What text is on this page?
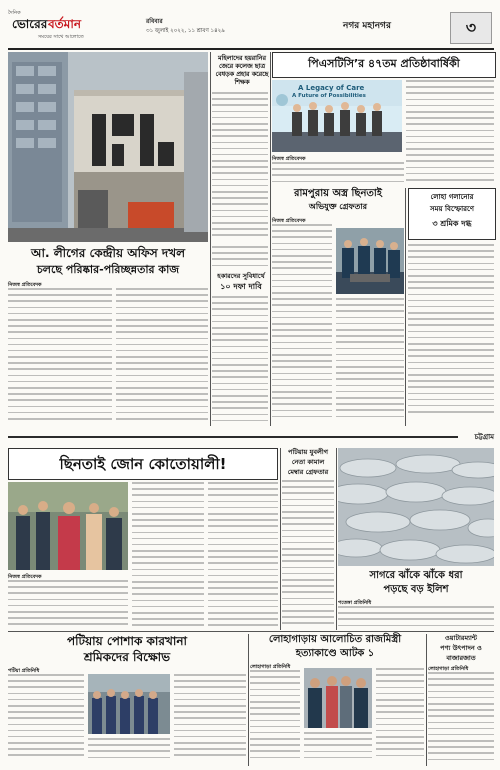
দৈনিক
ভোরের বর্তমান
সময়ের সাথে আলোতে
রবিবার
৩১ জুলাই ২০২২, ১১ শ্রাবণ ১৪২৯	নগর মহানগর	৩
মহিলাদের হয়রানির জেরে কলেজ ছাত্র বেধড়ক প্রহার করেছে শিক্ষক
পিএসটিসি’র ৪৭তম প্রতিষ্ঠাবার্ষিকী
A Legacy of Care
A Future of Possibilities
নিজস্ব প্রতিবেদক
রামপুরায় অস্ত্র ছিনতাই
অভিযুক্ত গ্রেফতার
নিজস্ব প্রতিবেদক
লোহা গলানোর
সময় বিস্ফোরণে
৩ শ্রমিক দগ্ধ
আ. লীগের কেন্দ্রীয় অফিস দখল
চলছে পরিষ্কার-পরিচ্ছন্নতার কাজ
নিজস্ব প্রতিবেদক
হকারদের সুবিধার্থে
১০ দফা দাবি
চট্টগ্রাম
ছিনতাই জোন কোতোয়ালী!
নিজস্ব প্রতিবেদক
পটিয়ায় যুবলীগ
নেতা কামাল
মেম্বার গ্রেফতার
সাগরে ঝাঁকে ঝাঁকে ধরা
পড়ছে বড় ইলিশ
পতেঙ্গা প্রতিনিধি
লোহাগাড়ায় আলোচিত রাজমিস্ত্রী
হত্যাকাণ্ডে আটক ১
লোহাগাড়া প্রতিনিধি
ওয়াটারম্যান্ট
পণ্য উৎপাদন ও
বাজারজাত
লোহাগাড়া প্রতিনিধি
পটিয়ায় পোশাক কারখানা
শ্রমিকদের বিক্ষোভ
পটিয়া প্রতিনিধি
